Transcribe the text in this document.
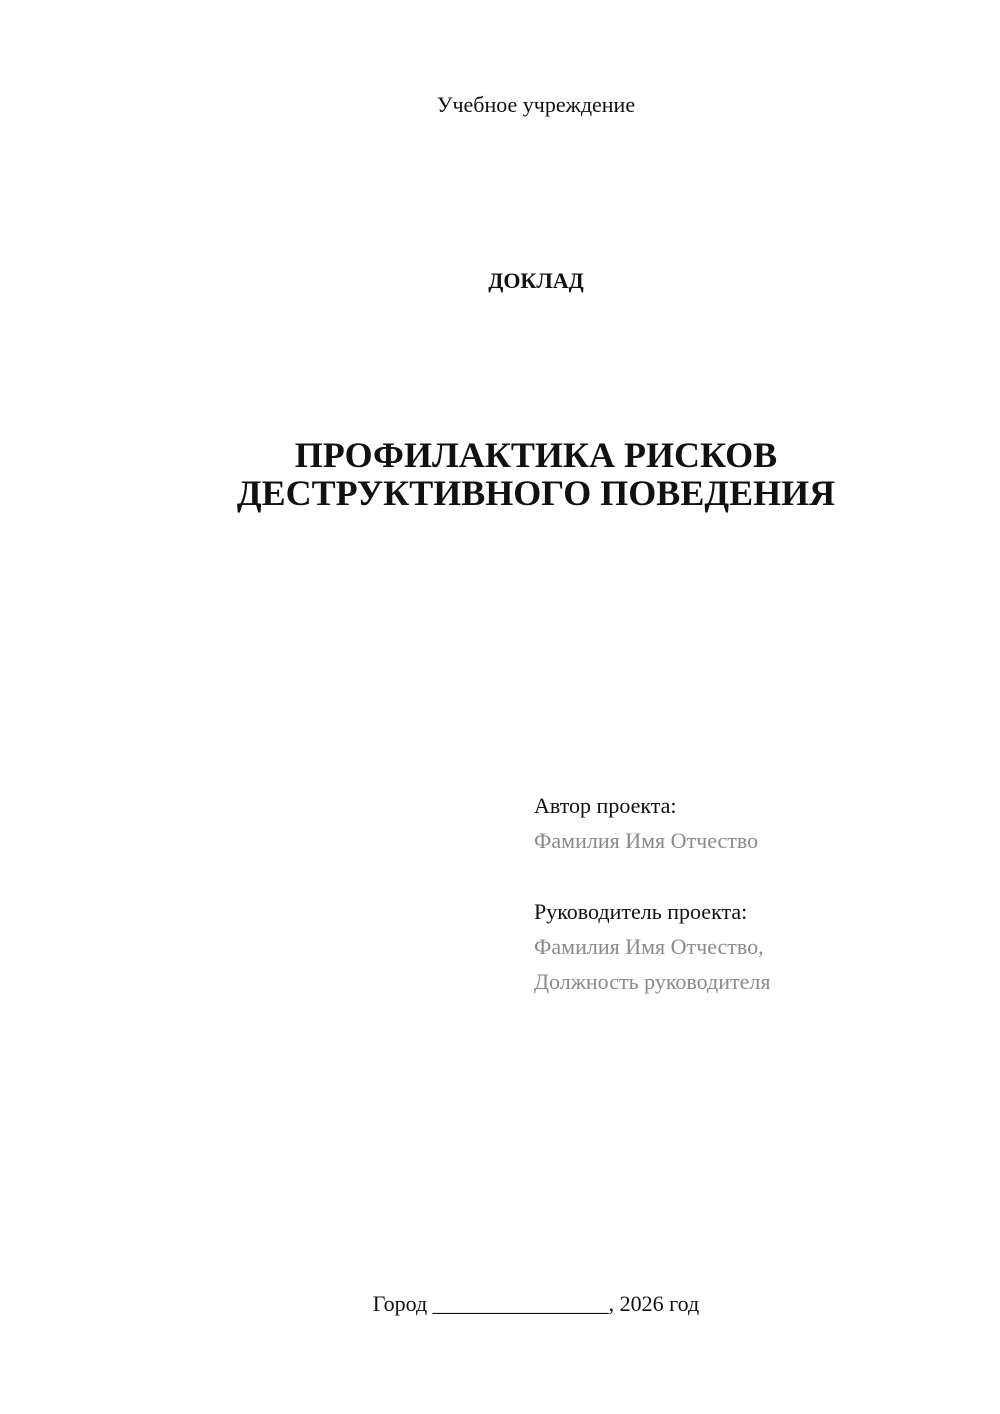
Учебное учреждение
ДОКЛАД
ПРОФИЛАКТИКА РИСКОВ
ДЕСТРУКТИВНОГО ПОВЕДЕНИЯ
Автор проекта:
Фамилия Имя Отчество
Руководитель проекта:
Фамилия Имя Отчество,
Должность руководителя
Город ________________, 2026 год
